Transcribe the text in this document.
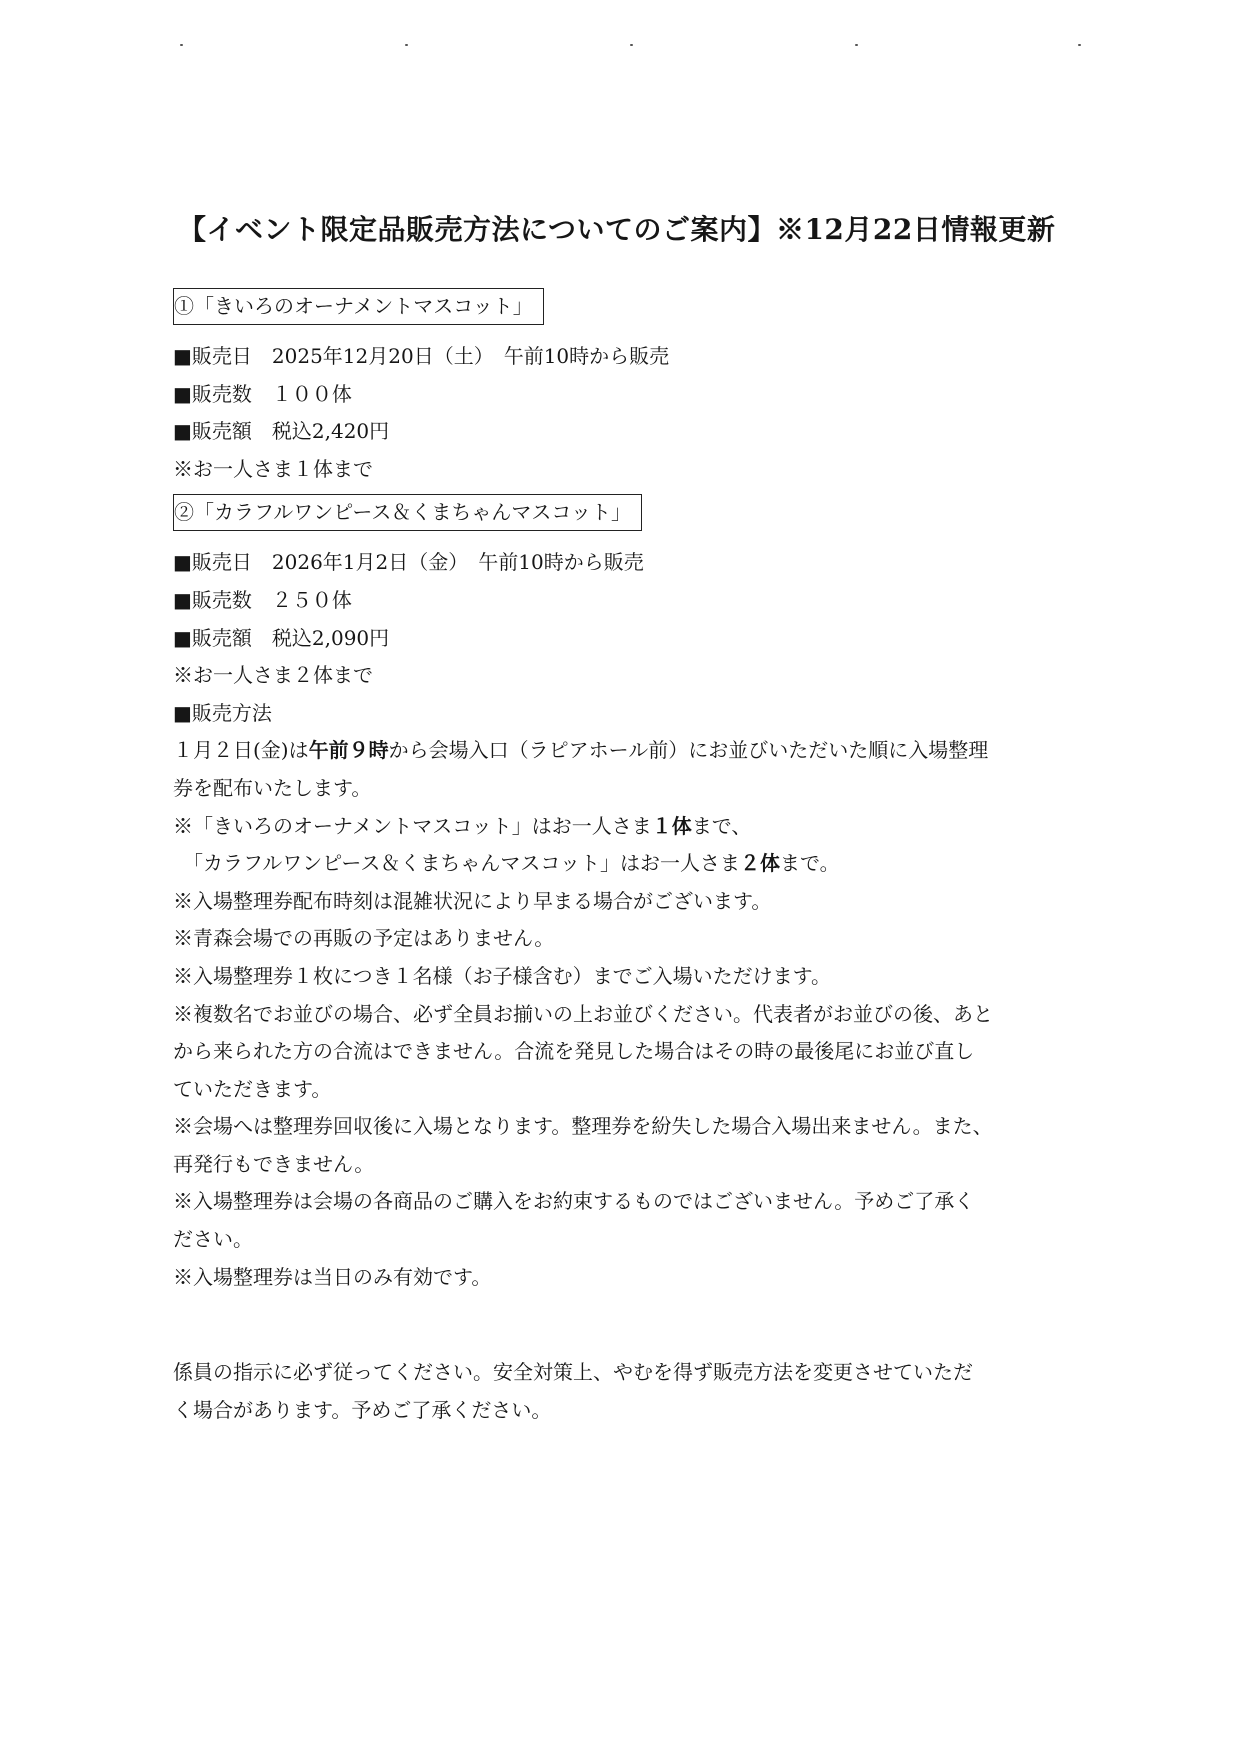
【イベント限定品販売方法についてのご案内】※12月22日情報更新
①「きいろのオーナメントマスコット」
■販売日　2025年12月20日（土）　午前10時から販売
■販売数　１００体
■販売額　税込2,420円
※お一人さま１体まで
②「カラフルワンピース＆くまちゃんマスコット」
■販売日　2026年1月2日（金）　午前10時から販売
■販売数　２５０体
■販売額　税込2,090円
※お一人さま２体まで
■販売方法
１月２日(金)は午前９時から会場入口（ラピアホール前）にお並びいただいた順に入場整理
券を配布いたします。
※「きいろのオーナメントマスコット」はお一人さま１体まで、
　「カラフルワンピース＆くまちゃんマスコット」はお一人さま２体まで。
※入場整理券配布時刻は混雑状況により早まる場合がございます。
※青森会場での再販の予定はありません。
※入場整理券１枚につき１名様（お子様含む）までご入場いただけます。
※複数名でお並びの場合、必ず全員お揃いの上お並びください。代表者がお並びの後、あと
から来られた方の合流はできません。合流を発見した場合はその時の最後尾にお並び直し
ていただきます。
※会場へは整理券回収後に入場となります。整理券を紛失した場合入場出来ません。また、
再発行もできません。
※入場整理券は会場の各商品のご購入をお約束するものではございません。予めご了承く
ださい。
※入場整理券は当日のみ有効です。
係員の指示に必ず従ってください。安全対策上、やむを得ず販売方法を変更させていただ
く場合があります。予めご了承ください。
